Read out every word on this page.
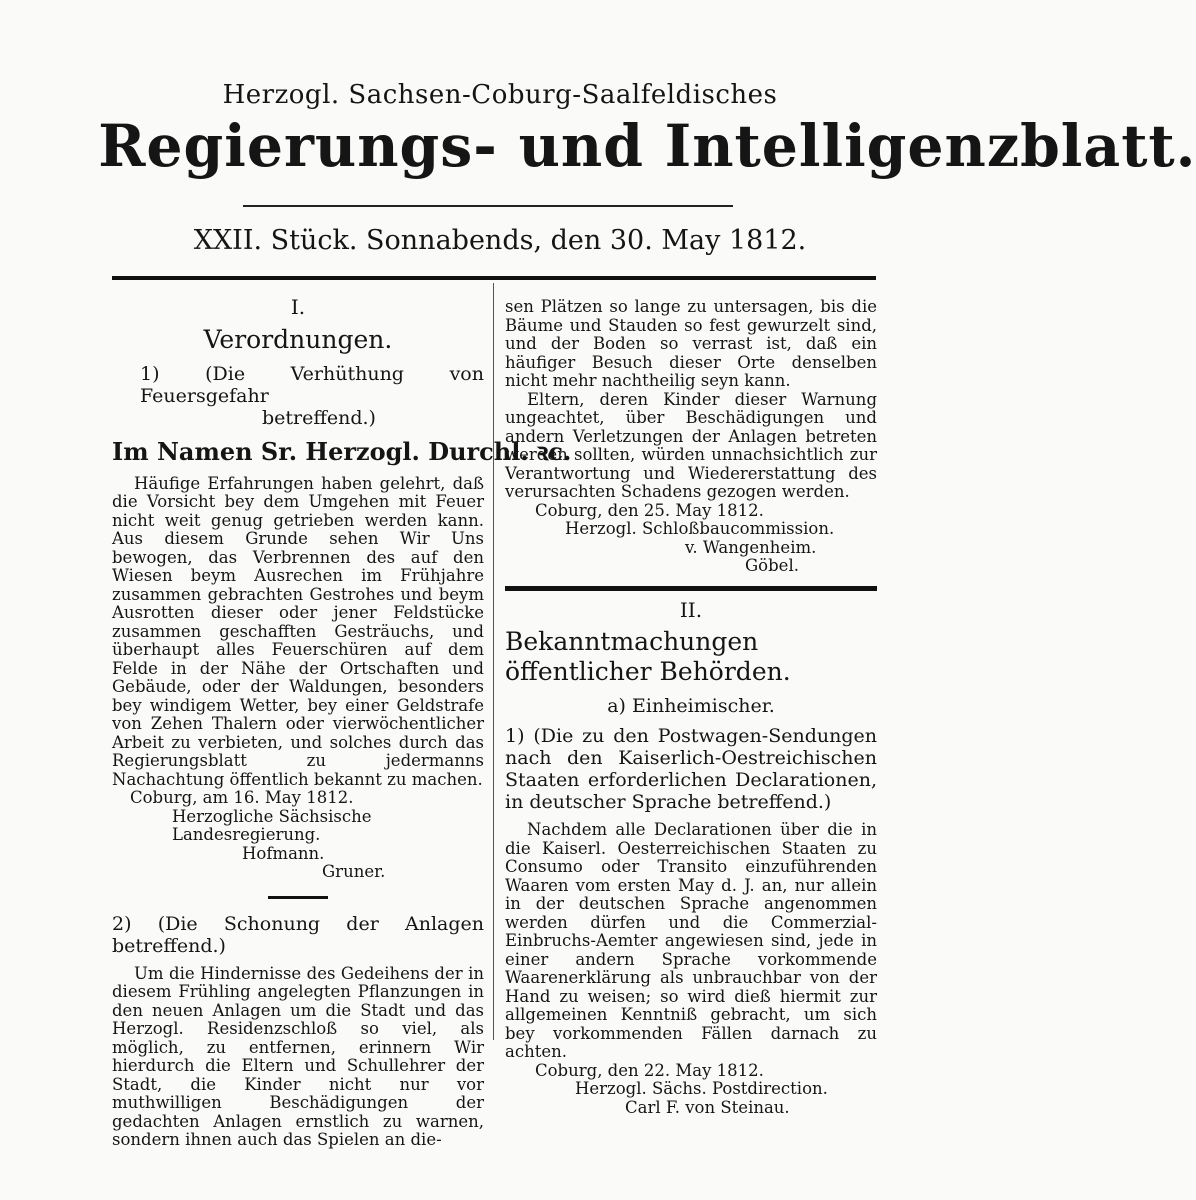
Herzogl. Sachsen-Coburg-Saalfeldisches
Regierungs- und Intelligenzblatt.
XXII. Stück. Sonnabends, den 30. May 1812.

I.

Verordnungen.

1) (Die Verhüthung von Feuersgefahr

betreffend.)

Im Namen Sr. Herzogl. Durchl. ꝛc.

Häufige Erfahrungen haben gelehrt, daß die Vorsicht bey dem Umgehen mit Feuer nicht weit genug getrieben werden kann. Aus diesem Grunde sehen Wir Uns bewogen, das Verbrennen des auf den Wiesen beym Ausrechen im Frühjahre zusammen gebrachten Gestrohes und beym Ausrotten dieser oder jener Feldstücke zusammen geschafften Gesträuchs, und überhaupt alles Feuerschüren auf dem Felde in der Nähe der Ortschaften und Gebäude, oder der Waldungen, besonders bey windigem Wetter, bey einer Geldstrafe von Zehen Thalern oder vierwöchentlicher Arbeit zu verbieten, und solches durch das Regierungsblatt zu jedermanns Nachachtung öffentlich bekannt zu machen.

Coburg, am 16. May 1812.

Herzogliche Sächsische Landesregierung.

Hofmann.

Gruner.

2) (Die Schonung der Anlagen betreffend.)

Um die Hindernisse des Gedeihens der in diesem Frühling angelegten Pflanzungen in den neuen Anlagen um die Stadt und das Herzogl. Residenzschloß so viel, als möglich, zu entfernen, erinnern Wir hierdurch die Eltern und Schullehrer der Stadt, die Kinder nicht nur vor muthwilligen Beschädigungen der gedachten Anlagen ernstlich zu warnen, sondern ihnen auch das Spielen an die-

sen Plätzen so lange zu untersagen, bis die Bäume und Stauden so fest gewurzelt sind, und der Boden so verrast ist, daß ein häufiger Besuch dieser Orte denselben nicht mehr nachtheilig seyn kann.

Eltern, deren Kinder dieser Warnung ungeachtet, über Beschädigungen und andern Verletzungen der Anlagen betreten werden sollten, würden unnachsichtlich zur Verantwortung und Wiedererstattung des verursachten Schadens gezogen werden.

Coburg, den 25. May 1812.

Herzogl. Schloßbaucommission.

v. Wangenheim.

Göbel.

II.

Bekanntmachungen öffentlicher Behörden.

a) Einheimischer.

1) (Die zu den Postwagen-Sendungen nach den Kaiserlich-Oestreichischen Staaten erforderlichen Declarationen, in deutscher Sprache betreffend.)

Nachdem alle Declarationen über die in die Kaiserl. Oesterreichischen Staaten zu Consumo oder Transito einzuführenden Waaren vom ersten May d. J. an, nur allein in der deutschen Sprache angenommen werden dürfen und die Commerzial-Einbruchs-Aemter angewiesen sind, jede in einer andern Sprache vorkommende Waarenerklärung als unbrauchbar von der Hand zu weisen; so wird dieß hiermit zur allgemeinen Kenntniß gebracht, um sich bey vorkommenden Fällen darnach zu achten.

Coburg, den 22. May 1812.

Herzogl. Sächs. Postdirection.

Carl F. von Steinau.
